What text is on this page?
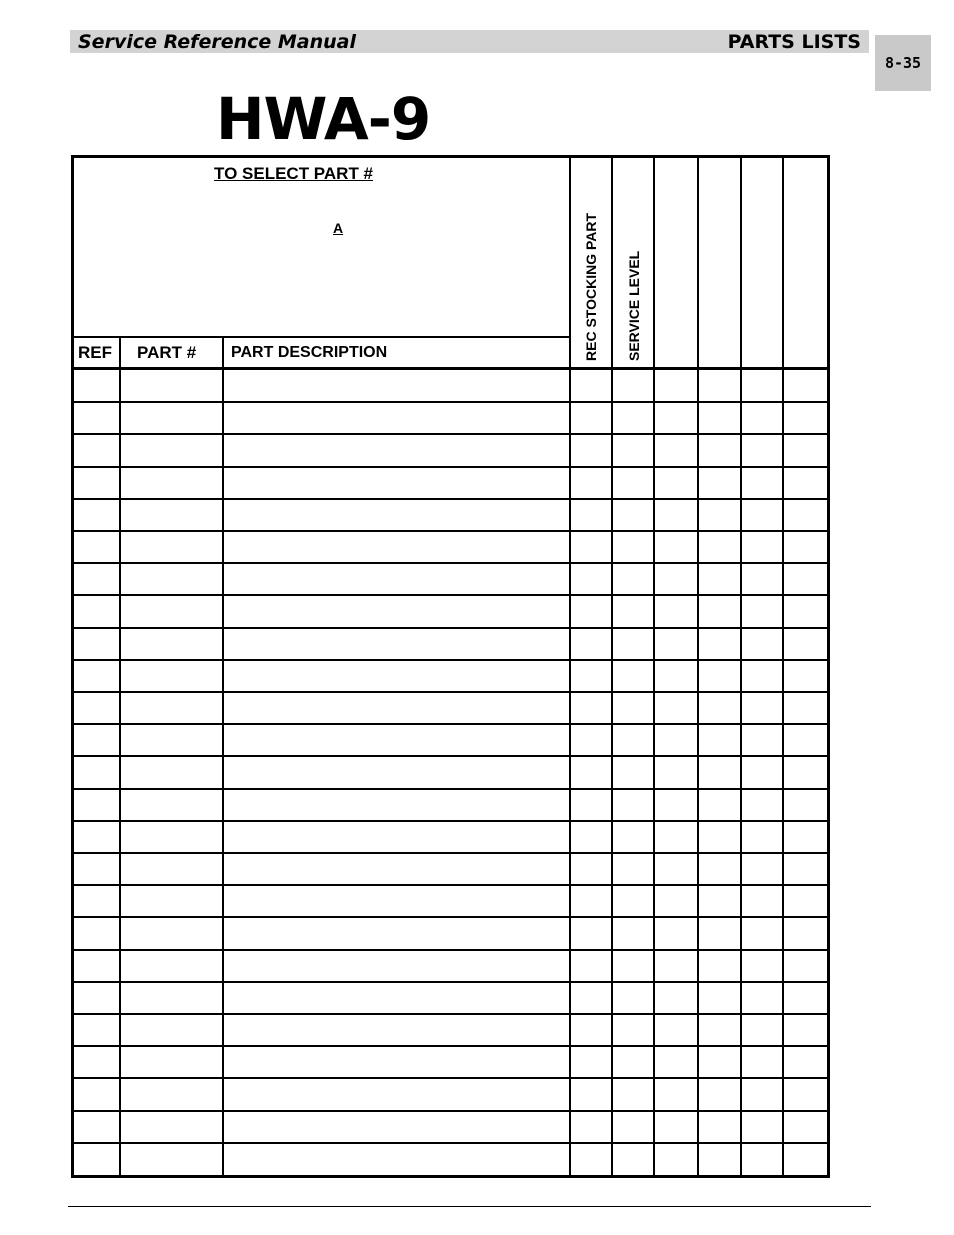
Service Reference Manual	PARTS LISTS
8-35
HWA-9
TO SELECT PART #
A
REF PART # PART DESCRIPTION	REC STOCKING PART SERVICE LEVEL
